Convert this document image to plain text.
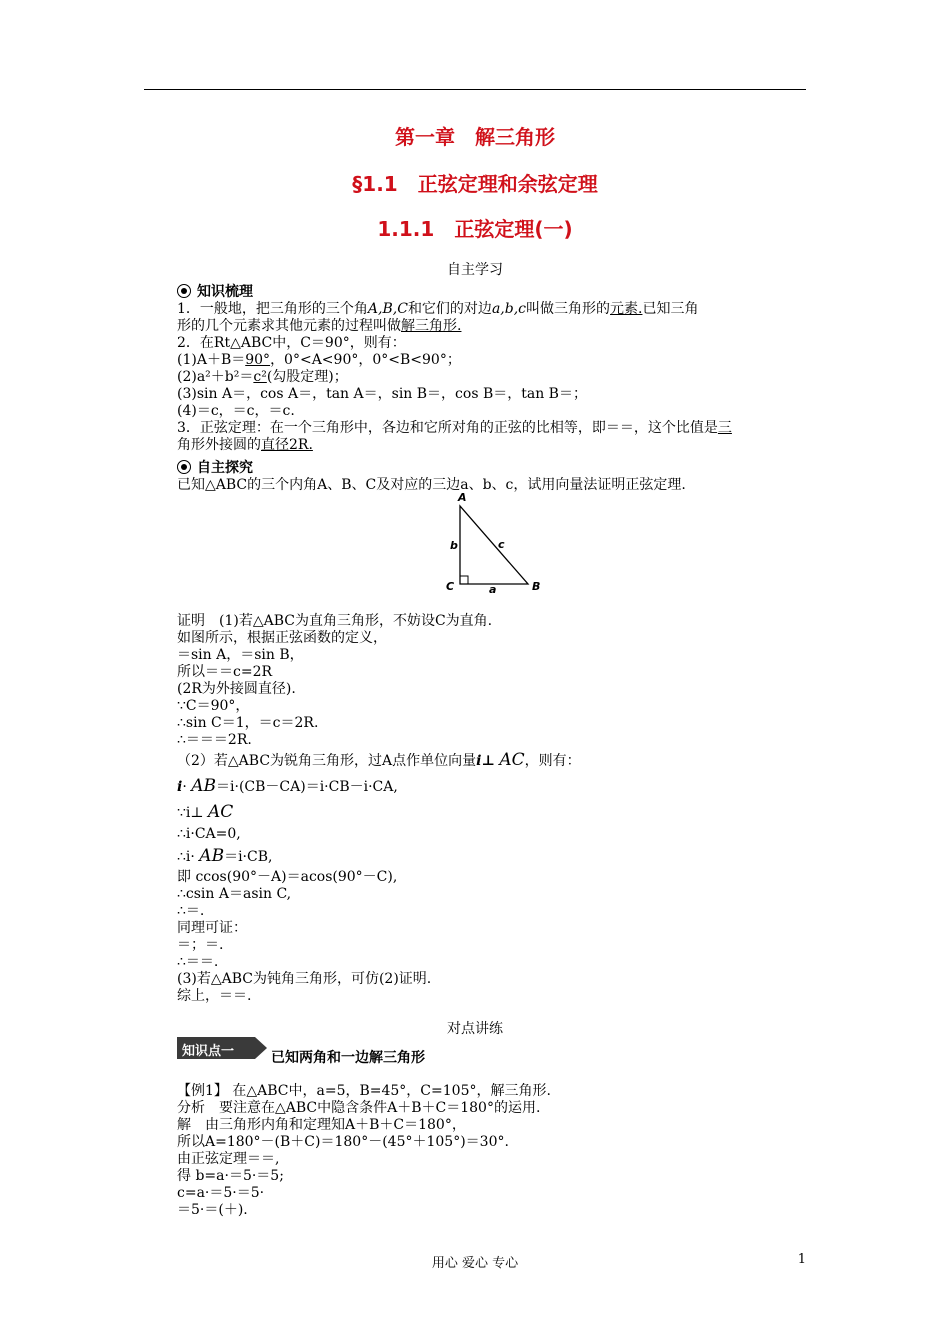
第一章　解三角形
§1.1　正弦定理和余弦定理
1.1.1　正弦定理(一)
自主学习
知识梳理
1．一般地，把三角形的三个角A,B,C和它们的对边a,b,c叫做三角形的元素.已知三角
形的几个元素求其他元素的过程叫做解三角形.
2．在Rt△ABC中，C＝90°，则有：
(1)A＋B＝90°，0°<A<90°，0°<B<90°；
(2)a²＋b²＝c²(勾股定理)；
(3)sin A＝，cos A＝，tan A＝，sin B＝，cos B＝，tan B＝；
(4)＝c，＝c，＝c.
3．正弦定理：在一个三角形中，各边和它所对角的正弦的比相等，即＝＝，这个比值是三
角形外接圆的直径2R.
自主探究
已知△ABC的三个内角A、B、C及对应的三边a、b、c，试用向量法证明正弦定理.
A
B
C
b	c
a
证明　(1)若△ABC为直角三角形，不妨设C为直角.
如图所示，根据正弦函数的定义，
＝sin A，＝sin B，
所以＝＝c=2R
(2R为外接圆直径).
∵C＝90°，
∴sin C＝1，＝c＝2R.
∴＝＝＝2R.
（2）若△ABC为锐角三角形，过A点作单位向量i⊥ AC，则有：
i· AB＝i·(CB－CA)＝i·CB－i·CA,
∵i⊥ AC
∴i·CA=0,
∴i· AB＝i·CB,
即 ccos(90°－A)＝acos(90°－C),
∴csin A＝asin C,
∴＝.
同理可证：
＝；＝.
∴＝＝.
(3)若△ABC为钝角三角形，可仿(2)证明.
综上，＝＝.
对点讲练
知识点一	已知两角和一边解三角形
【例1】 在△ABC中，a=5，B=45°，C=105°，解三角形.
分析　要注意在△ABC中隐含条件A＋B＋C＝180°的运用.
解　由三角形内角和定理知A＋B＋C＝180°，
所以A=180°－(B＋C)＝180°－(45°＋105°)＝30°.
由正弦定理＝＝,
得 b=a·＝5·＝5;
c=a·＝5·＝5·
＝5·＝(＋).
用心 爱心 专心	1
